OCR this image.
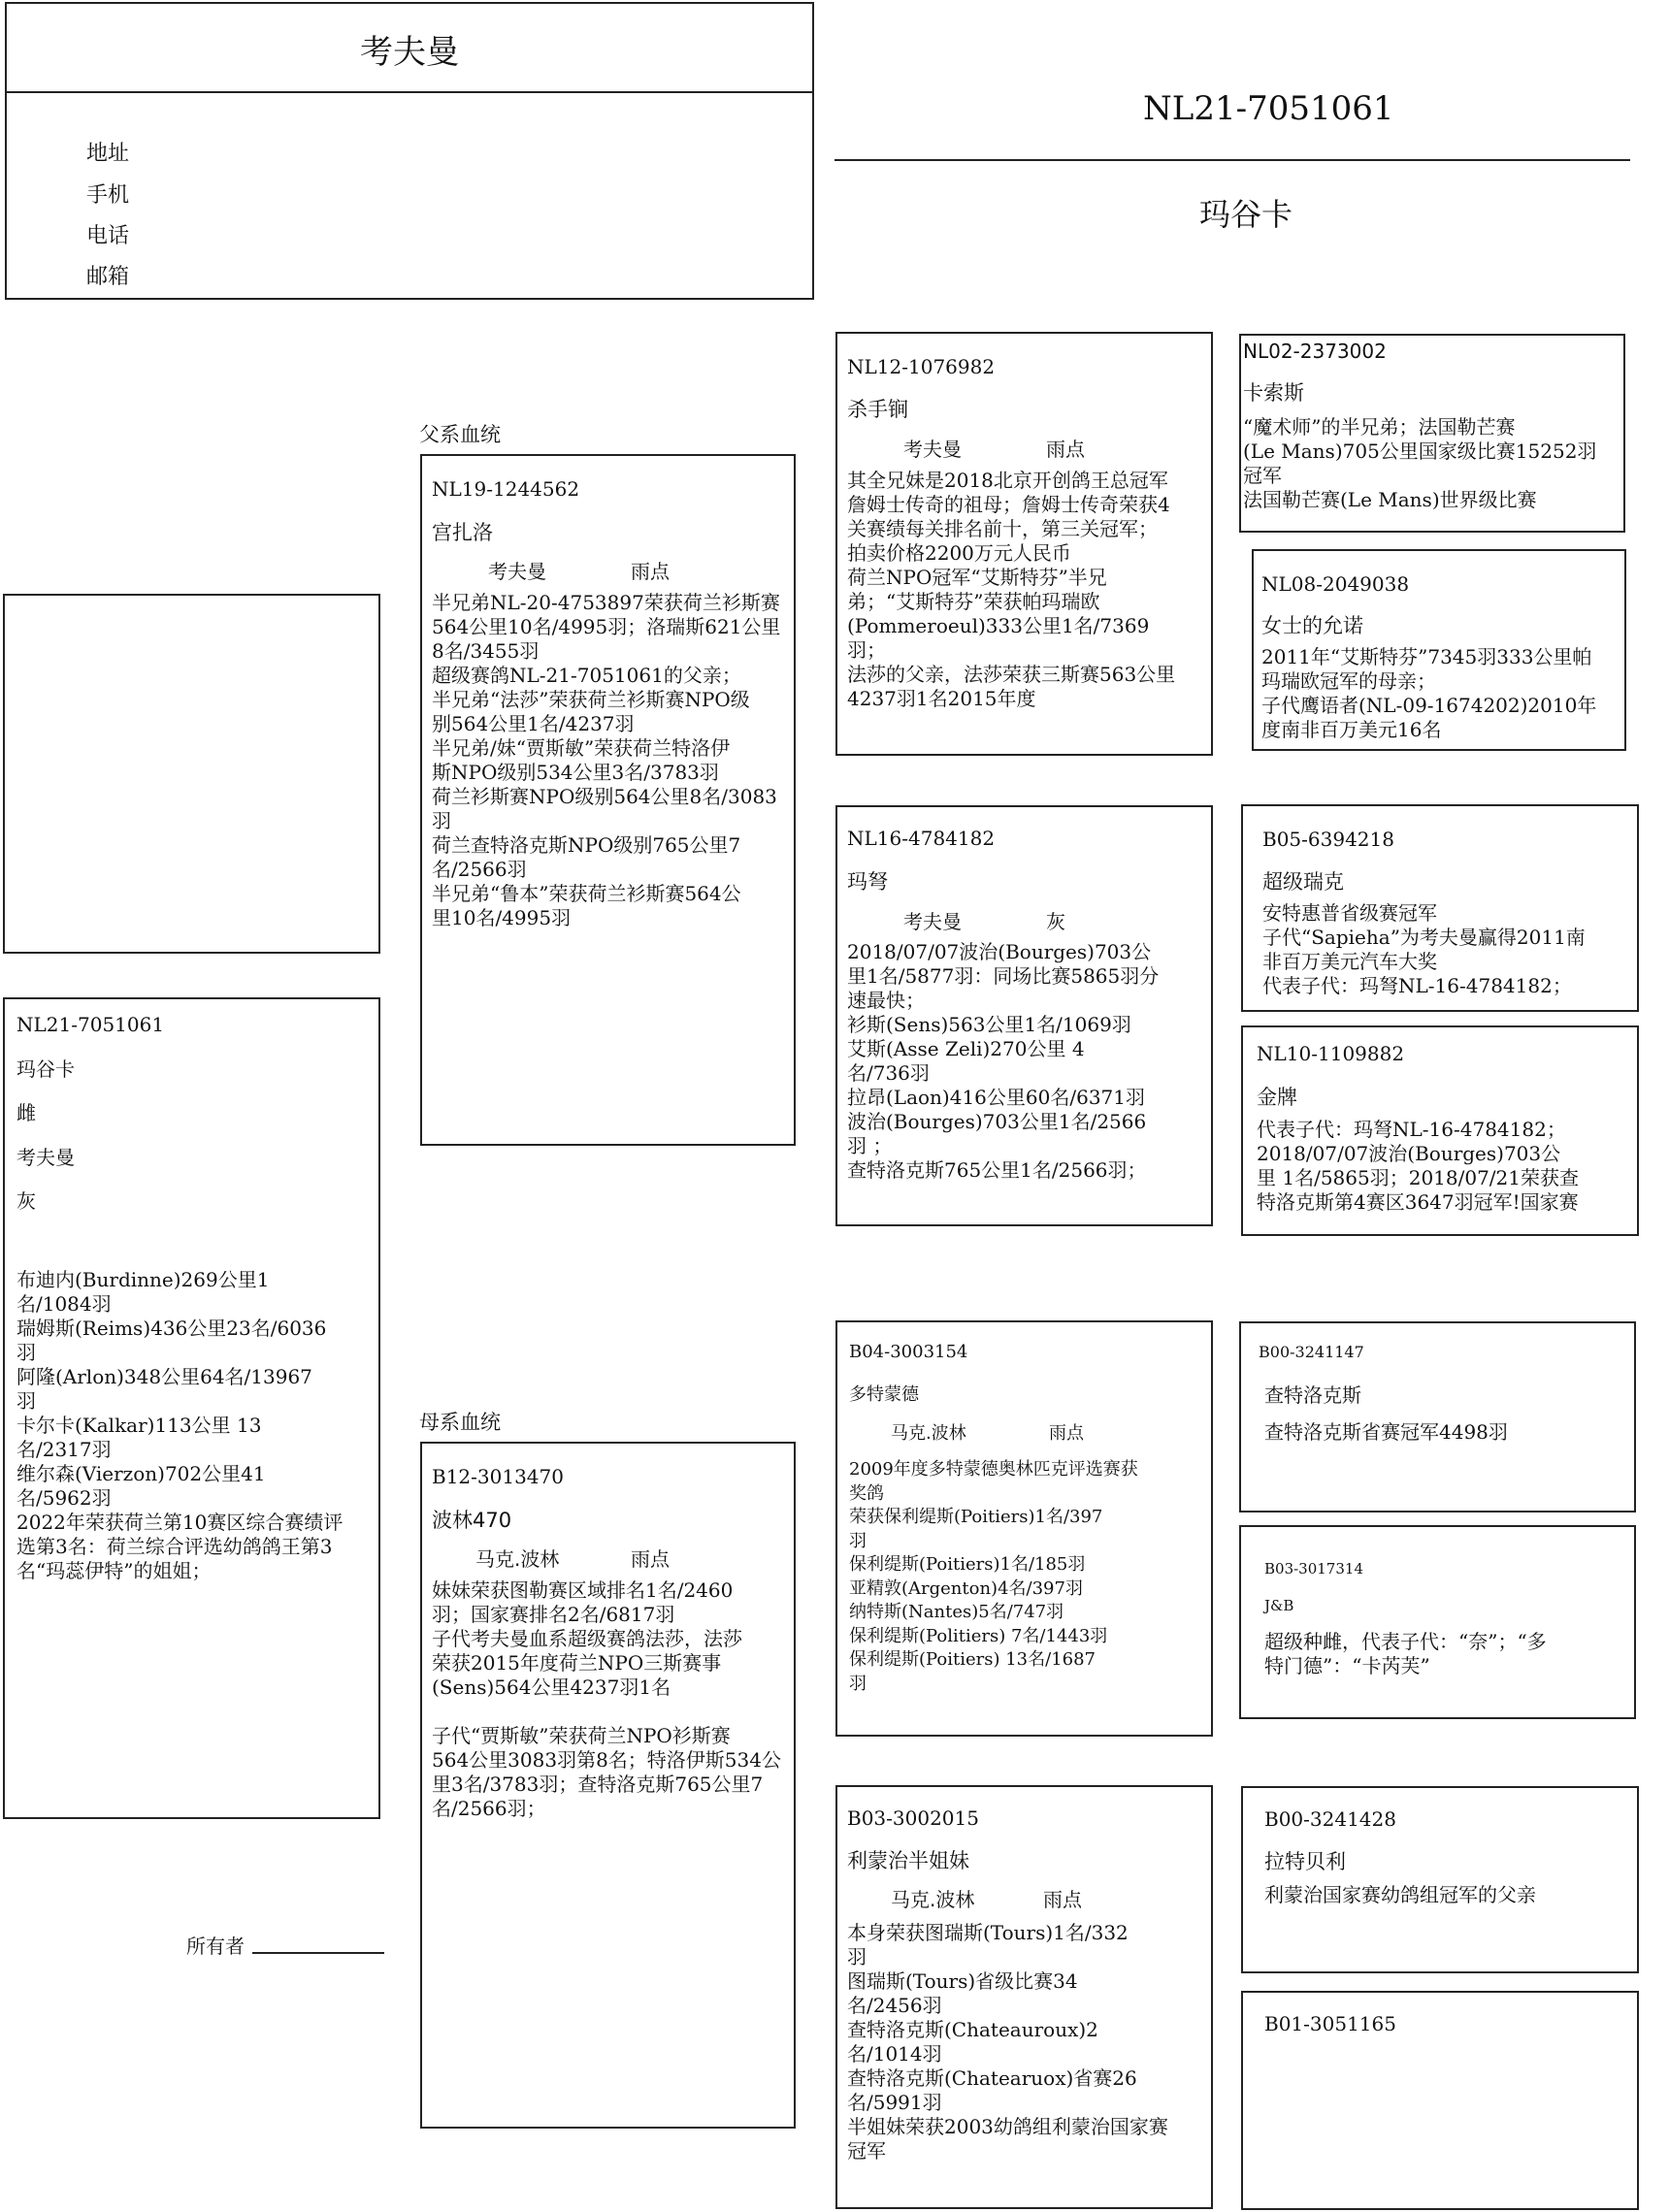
考夫曼
地址
手机
电话
邮箱
NL21-7051061
玛谷卡
NL21-7051061
玛谷卡
雌
考夫曼
灰
布迪内(Burdinne)269公里1
名/1084羽
瑞姆斯(Reims)436公里23名/6036
羽
阿隆(Arlon)348公里64名/13967
羽
卡尔卡(Kalkar)113公里 13
名/2317羽
维尔森(Vierzon)702公里41
名/5962羽
2022年荣获荷兰第10赛区综合赛绩评
选第3名：荷兰综合评选幼鸽鸽王第3
名“玛蕊伊特”的姐姐；
所有者
父系血统
母系血统
NL19-1244562
宫扎洛
考夫曼	雨点
半兄弟NL-20-4753897荣获荷兰衫斯赛
564公里10名/4995羽；洛瑞斯621公里
8名/3455羽
超级赛鸽NL-21-7051061的父亲；
半兄弟“法莎”荣获荷兰衫斯赛NPO级
别564公里1名/4237羽
半兄弟/妹“贾斯敏”荣获荷兰特洛伊
斯NPO级别534公里3名/3783羽
荷兰衫斯赛NPO级别564公里8名/3083
羽
荷兰查特洛克斯NPO级别765公里7
名/2566羽
半兄弟“鲁本”荣获荷兰衫斯赛564公
里10名/4995羽
B12-3013470
波林470
马克.波林	雨点
妹妹荣获图勒赛区域排名1名/2460
羽；国家赛排名2名/6817羽
子代考夫曼血系超级赛鸽法莎，法莎
荣获2015年度荷兰NPO三斯赛事
(Sens)564公里4237羽1名

子代“贾斯敏”荣获荷兰NPO衫斯赛
564公里3083羽第8名；特洛伊斯534公
里3名/3783羽；查特洛克斯765公里7
名/2566羽；
NL12-1076982
杀手锏
考夫曼	雨点
其全兄妹是2018北京开创鸽王总冠军
詹姆士传奇的祖母；詹姆士传奇荣获4
关赛绩每关排名前十，第三关冠军；
拍卖价格2200万元人民币
荷兰NPO冠军“艾斯特芬”半兄
弟；“艾斯特芬”荣获帕玛瑞欧
(Pommeroeul)333公里1名/7369
羽；
法莎的父亲，法莎荣获三斯赛563公里
4237羽1名2015年度
NL16-4784182
玛弩
考夫曼	灰
2018/07/07波治(Bourges)703公
里1名/5877羽：同场比赛5865羽分
速最快；
衫斯(Sens)563公里1名/1069羽
艾斯(Asse Zeli)270公里 4
名/736羽
拉昂(Laon)416公里60名/6371羽
波治(Bourges)703公里1名/2566
羽 ；
查特洛克斯765公里1名/2566羽；
B04-3003154
多特蒙德
马克.波林	雨点
2009年度多特蒙德奥林匹克评选赛获
奖鸽
荣获保利缇斯(Poitiers)1名/397
羽
保利缇斯(Poitiers)1名/185羽
亚精敦(Argenton)4名/397羽
纳特斯(Nantes)5名/747羽
保利缇斯(Politiers) 7名/1443羽
保利缇斯(Poitiers) 13名/1687
羽
B03-3002015
利蒙治半姐妹
马克.波林	雨点
本身荣获图瑞斯(Tours)1名/332
羽
图瑞斯(Tours)省级比赛34
名/2456羽
查特洛克斯(Chateauroux)2
名/1014羽
查特洛克斯(Chatearuox)省赛26
名/5991羽
半姐妹荣获2003幼鸽组利蒙治国家赛
冠军
NL02-2373002
卡索斯
“魔术师”的半兄弟；法国勒芒赛
(Le Mans)705公里国家级比赛15252羽
冠军
法国勒芒赛(Le Mans)世界级比赛
NL08-2049038
女士的允诺
2011年“艾斯特芬”7345羽333公里帕
玛瑞欧冠军的母亲；
子代鹰语者(NL-09-1674202)2010年
度南非百万美元16名
B05-6394218
超级瑞克
安特惠普省级赛冠军
子代“Sapieha”为考夫曼赢得2011南
非百万美元汽车大奖
代表子代：玛弩NL-16-4784182；
NL10-1109882
金牌
代表子代：玛弩NL-16-4784182；
2018/07/07波治(Bourges)703公
里 1名/5865羽；2018/07/21荣获查
特洛克斯第4赛区3647羽冠军!国家赛
B00-3241147
查特洛克斯
查特洛克斯省赛冠军4498羽
B03-3017314
J&B
超级种雌，代表子代：“奈”；“多
特门德”：“卡芮芙”
B00-3241428
拉特贝利
利蒙治国家赛幼鸽组冠军的父亲
B01-3051165
